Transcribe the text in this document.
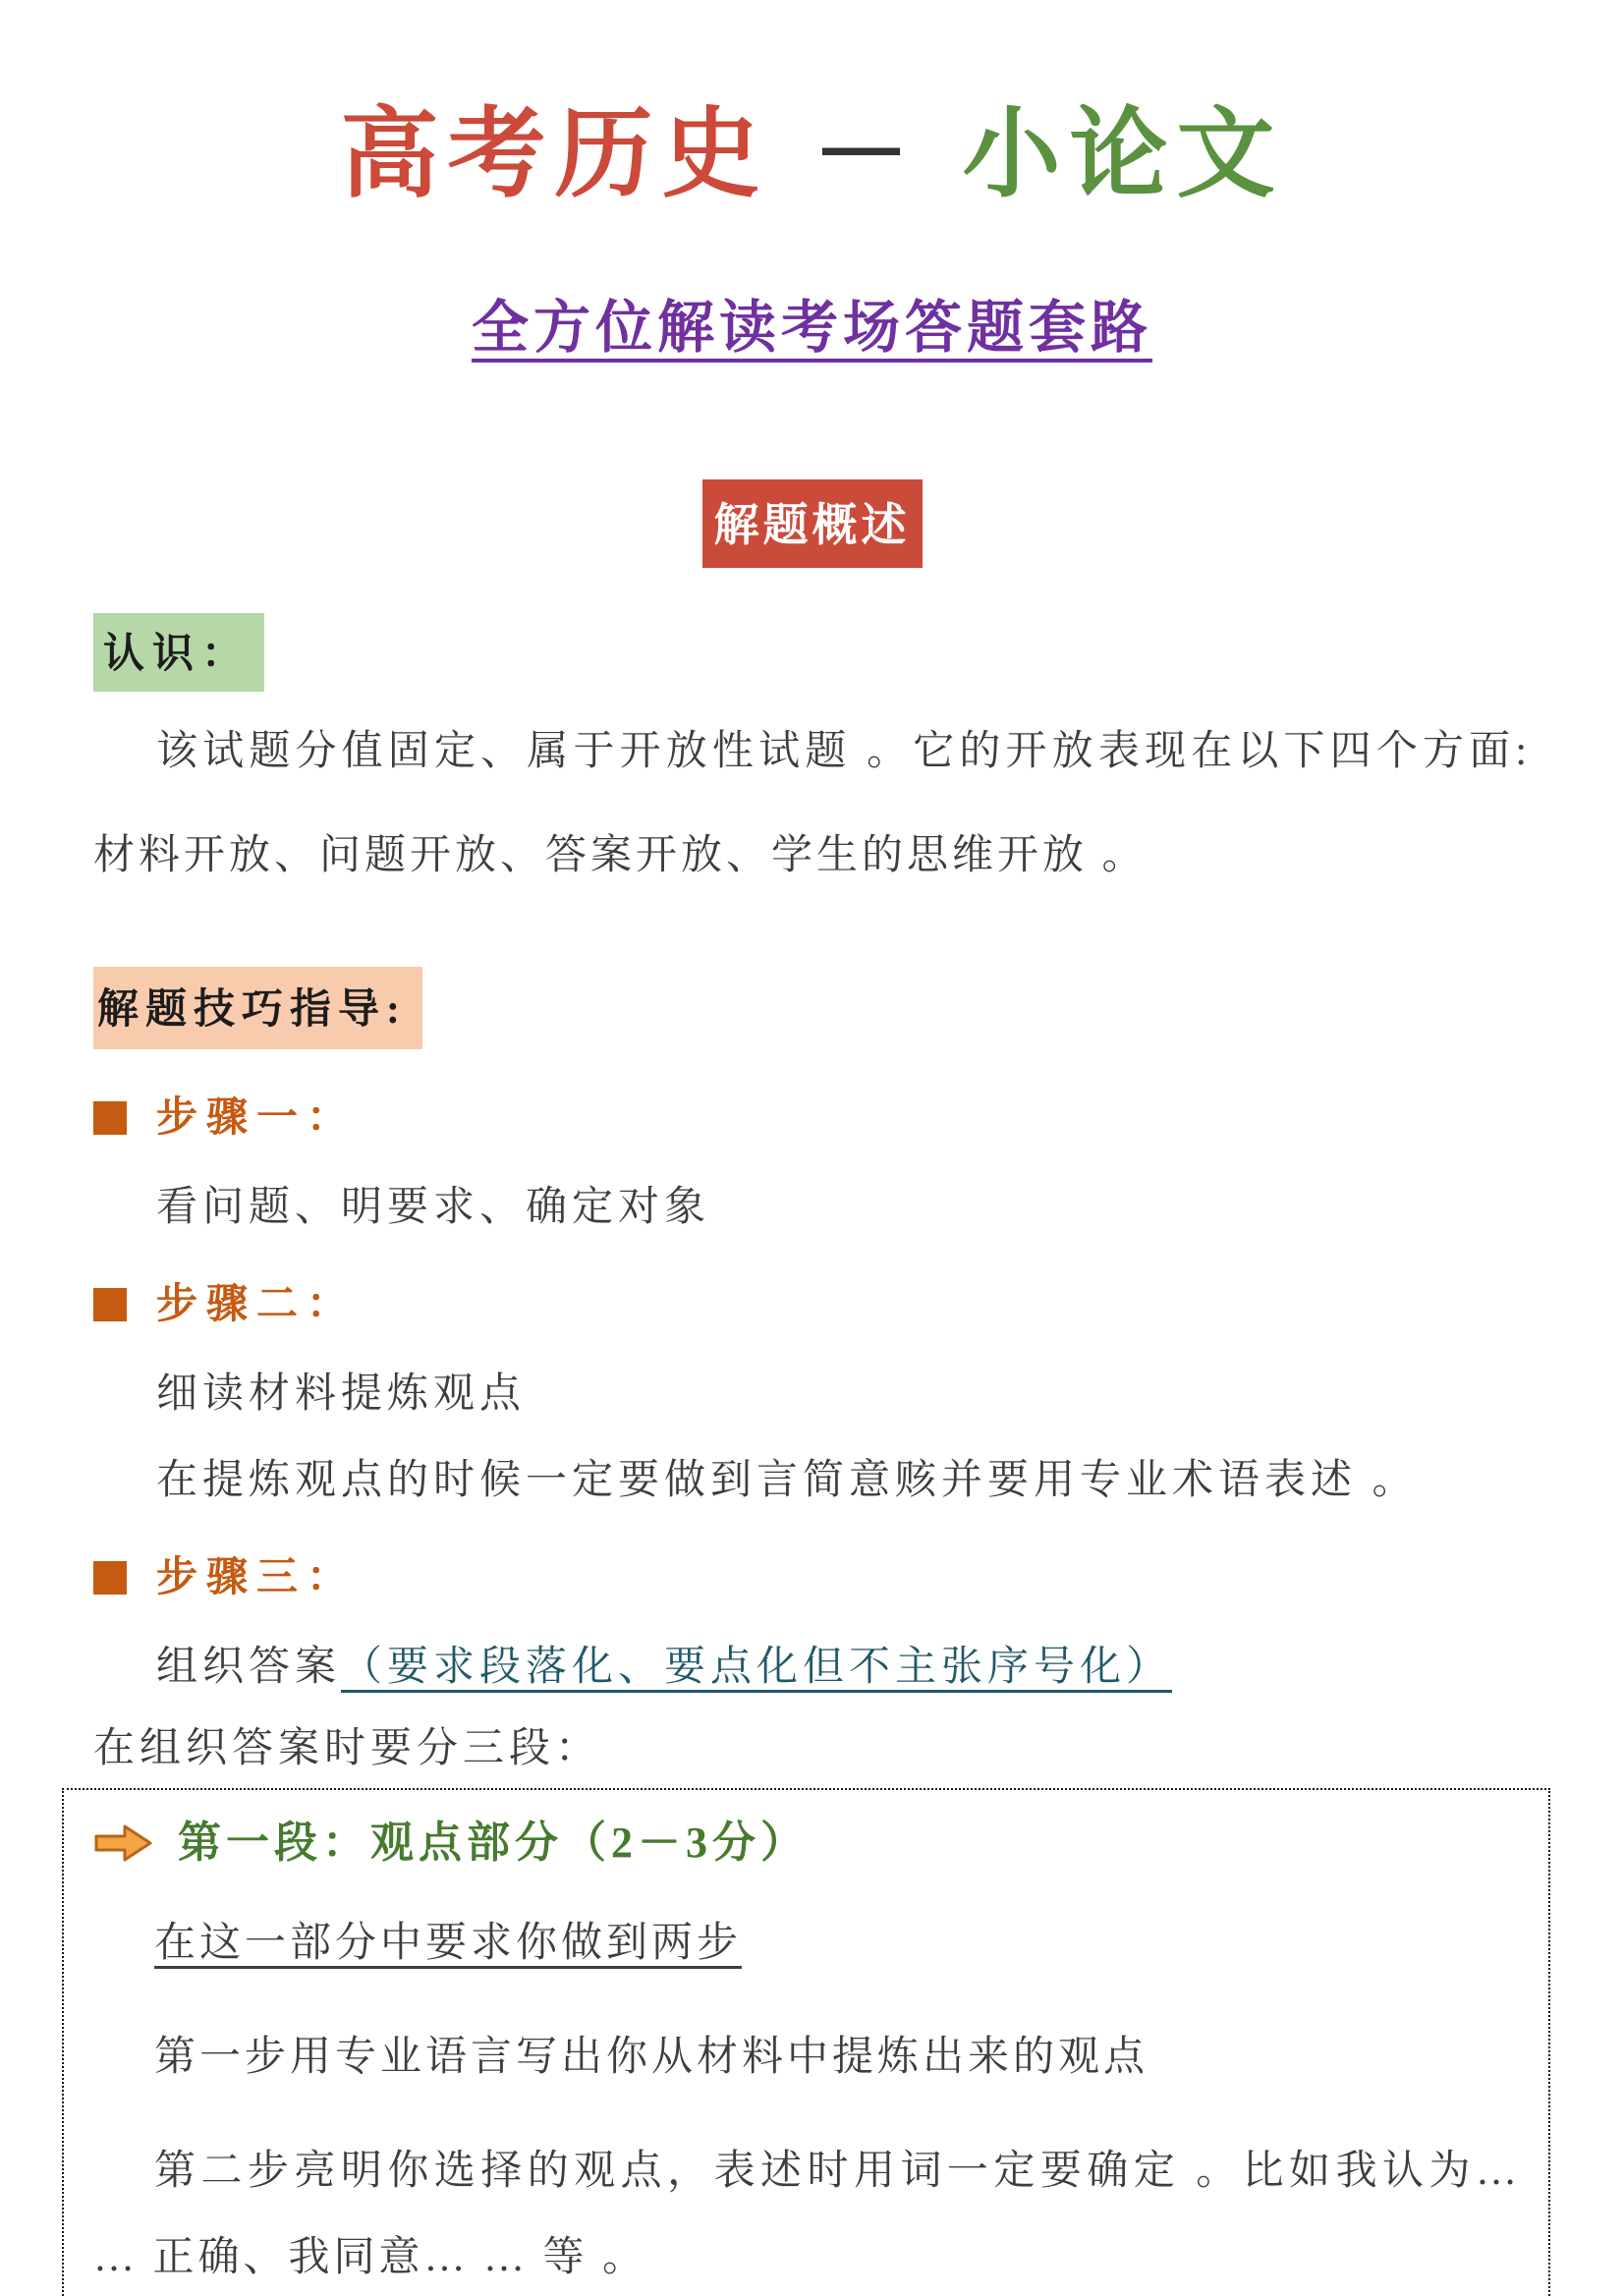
高考历史 － 小论文
全方位解读考场答题套路
解题概述
认识：

该试题分值固定、属于开放性试题 。它的开放表现在以下四个方面:材料开放、问题开放、答案开放、学生的思维开放 。

解题技巧指导:
步骤一：

看问题、明要求、确定对象

步骤二：

细读材料提炼观点

在提炼观点的时候一定要做到言简意赅并要用专业术语表述 。

步骤三：

组织答案（要求段落化、要点化但不主张序号化）

在组织答案时要分三段：

第一段：观点部分（2－3分）

在这一部分中要求你做到两步

第一步用专业语言写出你从材料中提炼出来的观点

第二步亮明你选择的观点，表述时用词一定要确定 。比如我认为… … 正确、我同意… … 等 。
